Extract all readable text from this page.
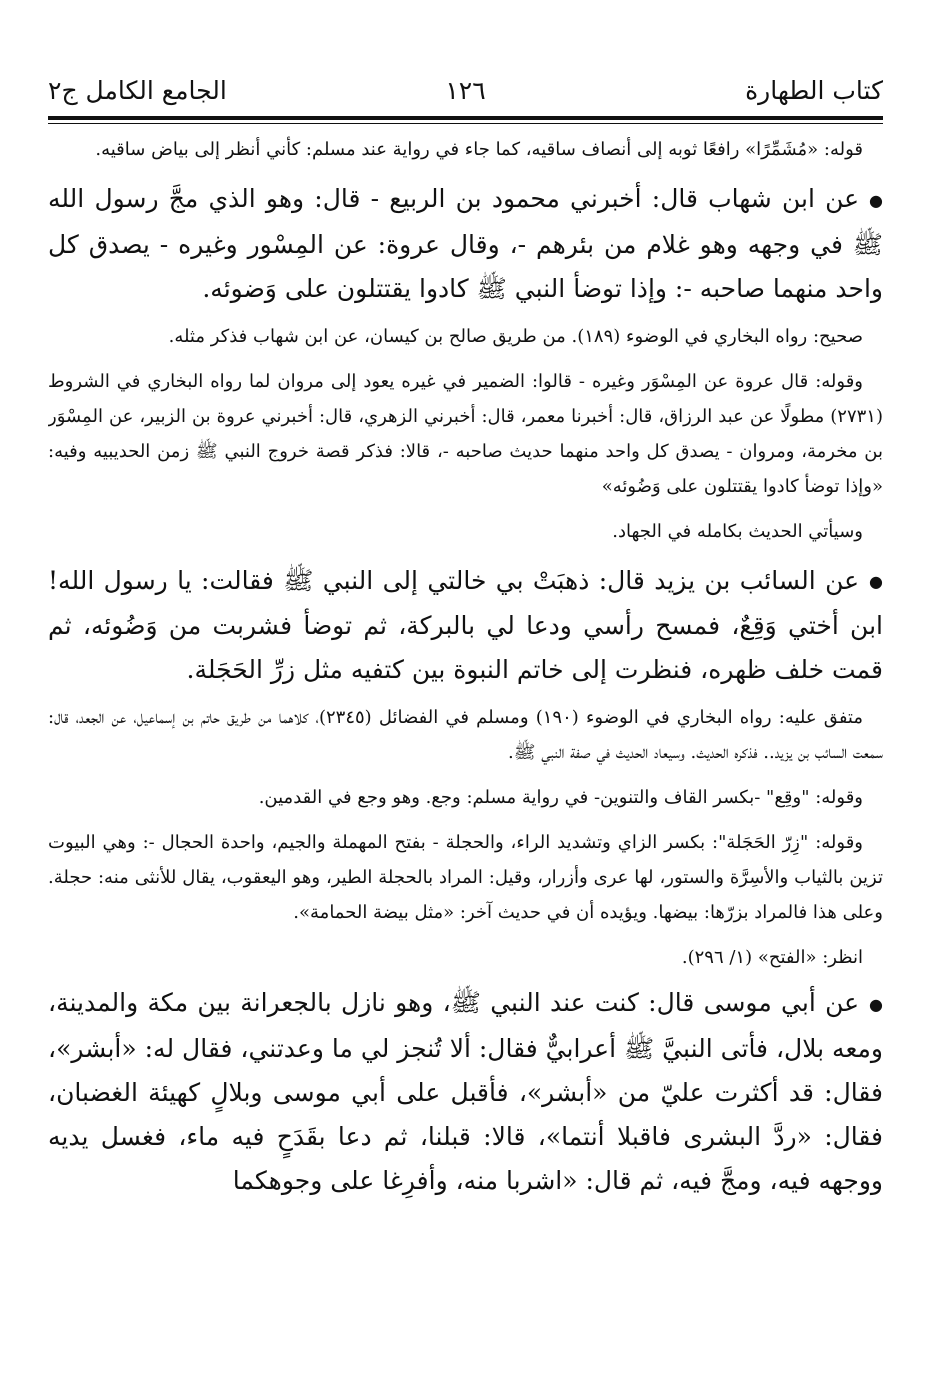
كتاب الطهارة
١٢٦
الجامع الكامل ج٢

قوله: «مُشَمِّرًا» رافعًا ثوبه إلى أنصاف ساقيه، كما جاء في رواية عند مسلم: كأني أنظر إلى بياض ساقيه.

●عن ابن شهاب قال: أخبرني محمود بن الربيع - قال: وهو الذي مجَّ رسول الله ﷺ في وجهه وهو غلام من بئرهم -، وقال عروة: عن المِسْور وغيره - يصدق كل واحد منهما صاحبه -: وإذا توضأ النبي ﷺ كادوا يقتتلون على وَضوئه.

صحيح: رواه البخاري في الوضوء (١٨٩). من طريق صالح بن كيسان، عن ابن شهاب فذكر مثله.

وقوله: قال عروة عن المِسْوَر وغيره - قالوا: الضمير في غيره يعود إلى مروان لما رواه البخاري في الشروط (٢٧٣١) مطولًا عن عبد الرزاق، قال: أخبرنا معمر، قال: أخبرني الزهري، قال: أخبرني عروة بن الزبير، عن المِسْوَر بن مخرمة، ومروان - يصدق كل واحد منهما حديث صاحبه -، قالا: فذكر قصة خروج النبي ﷺ زمن الحديبيه وفيه: «وإذا توضأ كادوا يقتتلون على وَضُوئه»

وسيأتي الحديث بكامله في الجهاد.

●عن السائب بن يزيد قال: ذهبَتْ بي خالتي إلى النبي ﷺ فقالت: يا رسول الله! ابن أختي وَقِعٌ، فمسح رأسي ودعا لي بالبركة، ثم توضأ فشربت من وَضُوئه، ثم قمت خلف ظهره، فنظرت إلى خاتم النبوة بين كتفيه مثل زرِّ الحَجَلة.

متفق عليه: رواه البخاري في الوضوء (١٩٠) ومسلم في الفضائل (٢٣٤٥)، كلاهما من طريق حاتم بن إسماعيل، عن الجعد، قال: سمعت السائب بن يزيد.. فذكره الحديث. وسيعاد الحديث في صفة النبي ﷺ.

وقوله: "وقِع" -بكسر القاف والتنوين- في رواية مسلم: وجع. وهو وجع في القدمين.

وقوله: "زِرّ الحَجَلة": بكسر الزاي وتشديد الراء، والحجلة - بفتح المهملة والجيم، واحدة الحجال -: وهي البيوت تزين بالثياب والأسِرَّة والستور، لها عرى وأزرار، وقيل: المراد بالحجلة الطير، وهو اليعقوب، يقال للأنثى منه: حجلة. وعلى هذا فالمراد بزرّها: بيضها. ويؤيده أن في حديث آخر: «مثل بيضة الحمامة».

انظر: «الفتح» (١/ ٢٩٦).

●عن أبي موسى قال: كنت عند النبي ﷺ، وهو نازل بالجعرانة بين مكة والمدينة، ومعه بلال، فأتى النبيَّ ﷺ أعرابيٌّ فقال: ألا تُنجز لي ما وعدتني، فقال له: «أبشر»، فقال: قد أكثرت عليّ من «أبشر»، فأقبل على أبي موسى وبلالٍ كهيئة الغضبان، فقال: «ردَّ البشرى فاقبلا أنتما»، قالا: قبلنا، ثم دعا بقَدَحٍ فيه ماء، فغسل يديه ووجهه فيه، ومجَّ فيه، ثم قال: «اشربا منه، وأفرِغا على وجوهكما
